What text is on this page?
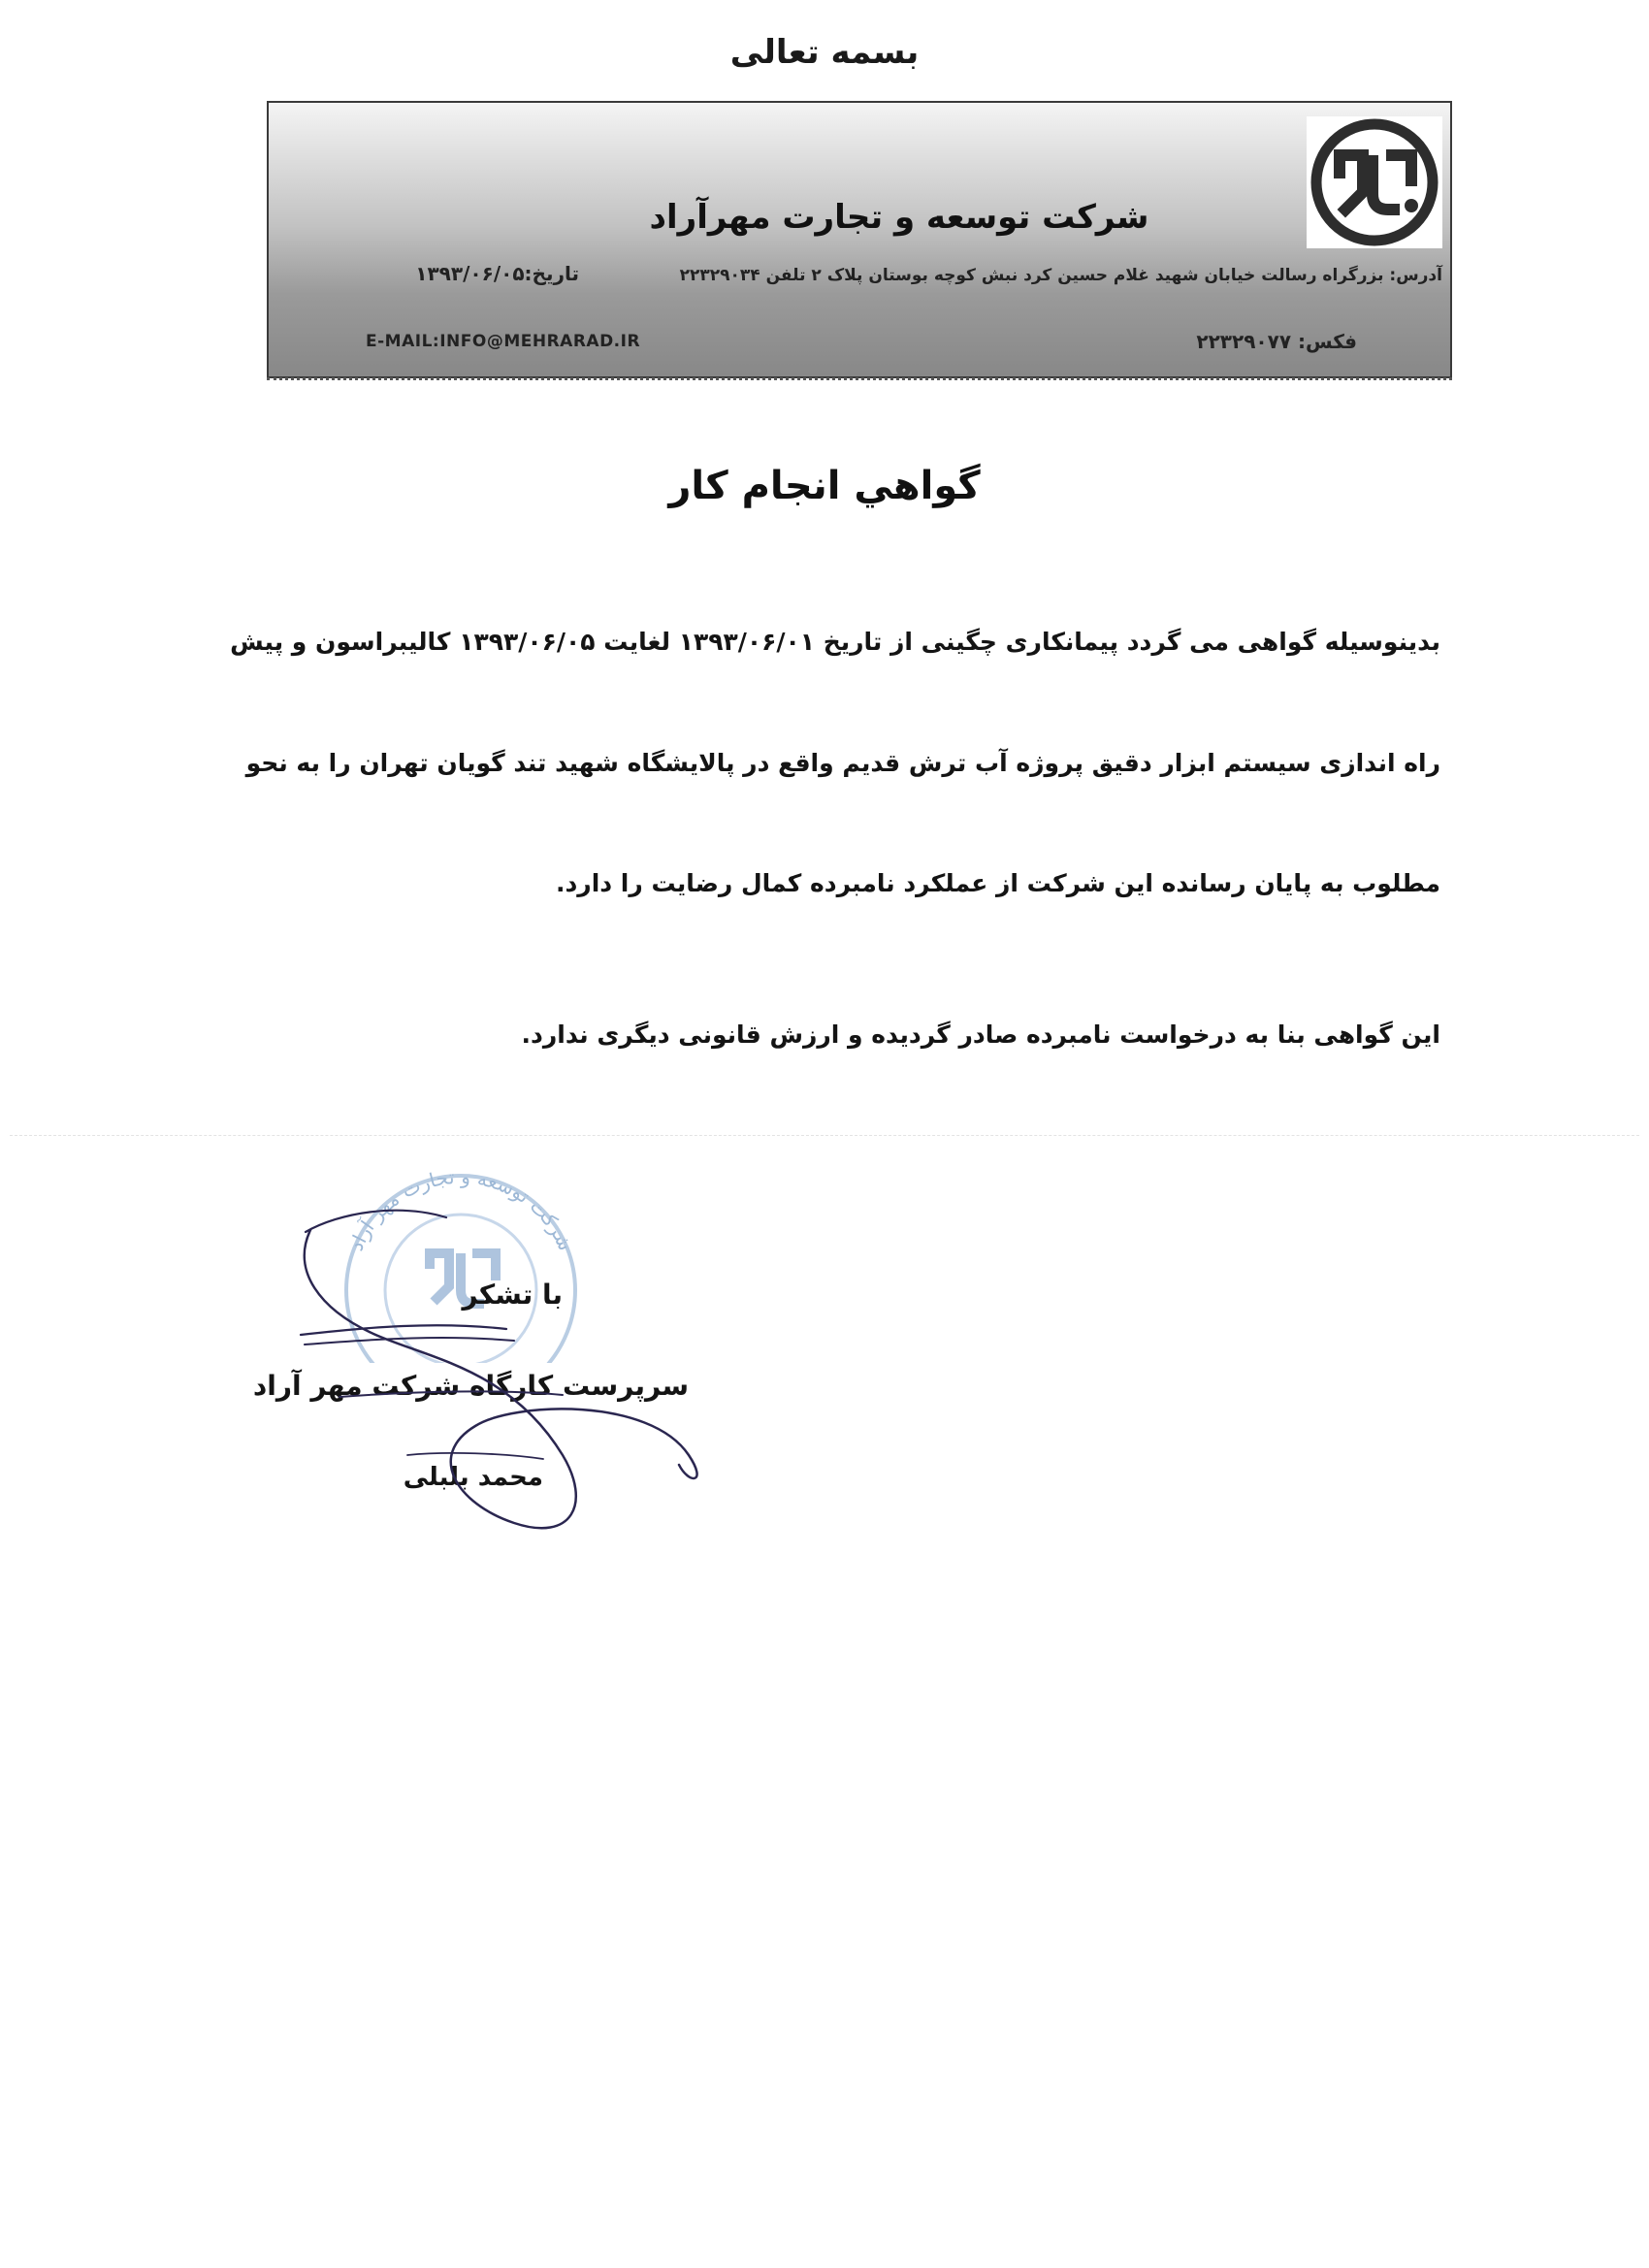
بسمه تعالی
شرکت توسعه و تجارت مهرآراد
آدرس: بزرگراه رسالت خیابان شهید غلام حسین کرد نبش کوچه بوستان پلاک ۲ تلفن ۲۲۳۲۹۰۳۴
تاریخ:۱۳۹۳/۰۶/۰۵
فکس: ۲۲۳۲۹۰۷۷
E-MAIL:INFO@MEHRARAD.IR
گواهي انجام کار
بدینوسیله گواهی می گردد پیمانکاری چگینی از تاریخ ۱۳۹۳/۰۶/۰۱ لغایت ۱۳۹۳/۰۶/۰۵ کالیبراسون و پیش
راه اندازی سیستم ابزار دقیق پروژه آب ترش قدیم واقع در پالایشگاه شهید تند گویان تهران را به نحو
مطلوب به پایان رسانده این شرکت از عملکرد نامبرده کمال رضایت را دارد.
این گواهی بنا به درخواست نامبرده صادر گردیده و ارزش قانونی دیگری ندارد.
شرکت توسعه و تجارت مهر آراد
با تشکر
سرپرست کارگاه شرکت مهر آراد
محمد بلبلی
